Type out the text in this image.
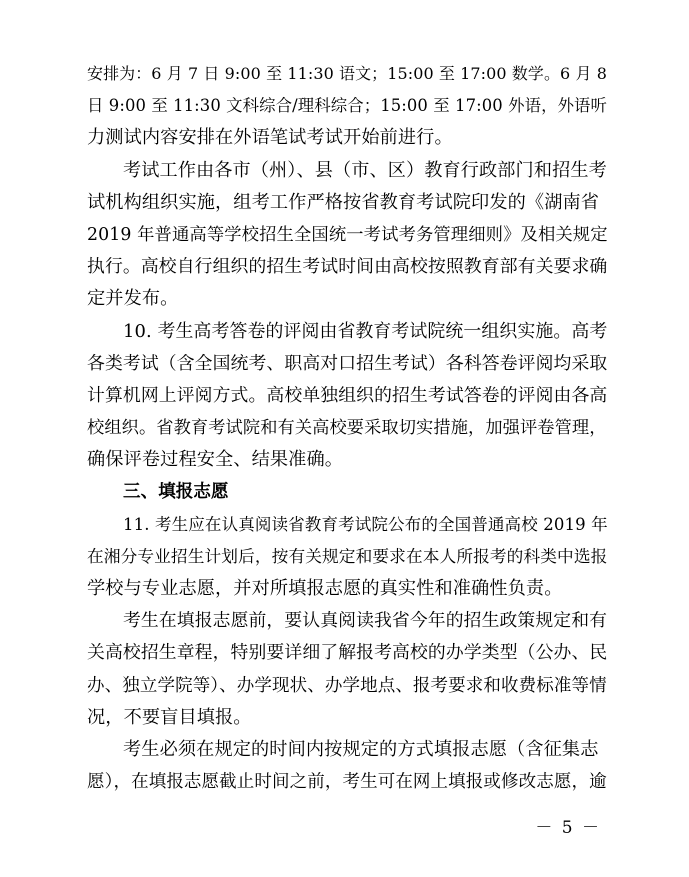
安排为：6 月 7 日 9:00 至 11:30 语文；15:00 至 17:00 数学。6 月 8
日 9:00 至 11:30 文科综合/理科综合；15:00 至 17:00 外语，外语听
力测试内容安排在外语笔试考试开始前进行。
考试工作由各市（州）、县（市、区）教育行政部门和招生考
试机构组织实施，组考工作严格按省教育考试院印发的《湖南省
2019 年普通高等学校招生全国统一考试考务管理细则》及相关规定
执行。高校自行组织的招生考试时间由高校按照教育部有关要求确
定并发布。
10. 考生高考答卷的评阅由省教育考试院统一组织实施。高考
各类考试（含全国统考、职高对口招生考试）各科答卷评阅均采取
计算机网上评阅方式。高校单独组织的招生考试答卷的评阅由各高
校组织。省教育考试院和有关高校要采取切实措施，加强评卷管理，
确保评卷过程安全、结果准确。
三、填报志愿
11. 考生应在认真阅读省教育考试院公布的全国普通高校 2019 年
在湘分专业招生计划后，按有关规定和要求在本人所报考的科类中选报
学校与专业志愿，并对所填报志愿的真实性和准确性负责。
考生在填报志愿前，要认真阅读我省今年的招生政策规定和有
关高校招生章程，特别要详细了解报考高校的办学类型（公办、民
办、独立学院等）、办学现状、办学地点、报考要求和收费标准等情
况，不要盲目填报。
考生必须在规定的时间内按规定的方式填报志愿（含征集志
愿），在填报志愿截止时间之前，考生可在网上填报或修改志愿，逾
－ 5 －
